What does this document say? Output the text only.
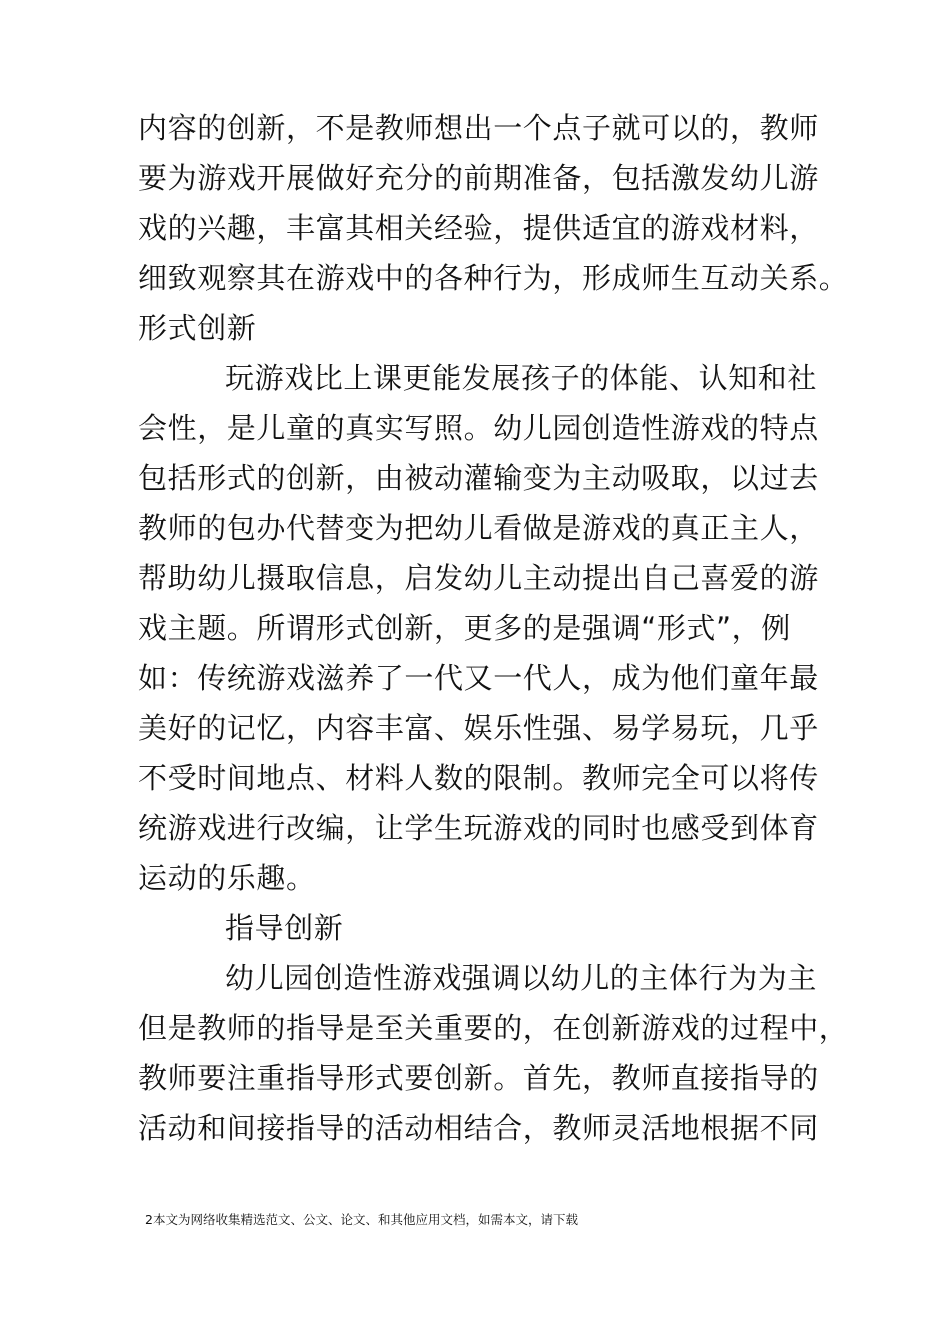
内容的创新，不是教师想出一个点子就可以的，教师
要为游戏开展做好充分的前期准备，包括激发幼儿游
戏的兴趣，丰富其相关经验，提供适宜的游戏材料，
细致观察其在游戏中的各种行为，形成师生互动关系。
形式创新
玩游戏比上课更能发展孩子的体能、认知和社
会性，是儿童的真实写照。幼儿园创造性游戏的特点
包括形式的创新，由被动灌输变为主动吸取，以过去
教师的包办代替变为把幼儿看做是游戏的真正主人，
帮助幼儿摄取信息，启发幼儿主动提出自己喜爱的游
戏主题。所谓形式创新，更多的是强调“形式”，例
如：传统游戏滋养了一代又一代人，成为他们童年最
美好的记忆，内容丰富、娱乐性强、易学易玩，几乎
不受时间地点、材料人数的限制。教师完全可以将传
统游戏进行改编，让学生玩游戏的同时也感受到体育
运动的乐趣。
指导创新
幼儿园创造性游戏强调以幼儿的主体行为为主
但是教师的指导是至关重要的，在创新游戏的过程中，
教师要注重指导形式要创新。首先，教师直接指导的
活动和间接指导的活动相结合，教师灵活地根据不同
2本文为网络收集精选范文、公文、论文、和其他应用文档，如需本文，请下载
